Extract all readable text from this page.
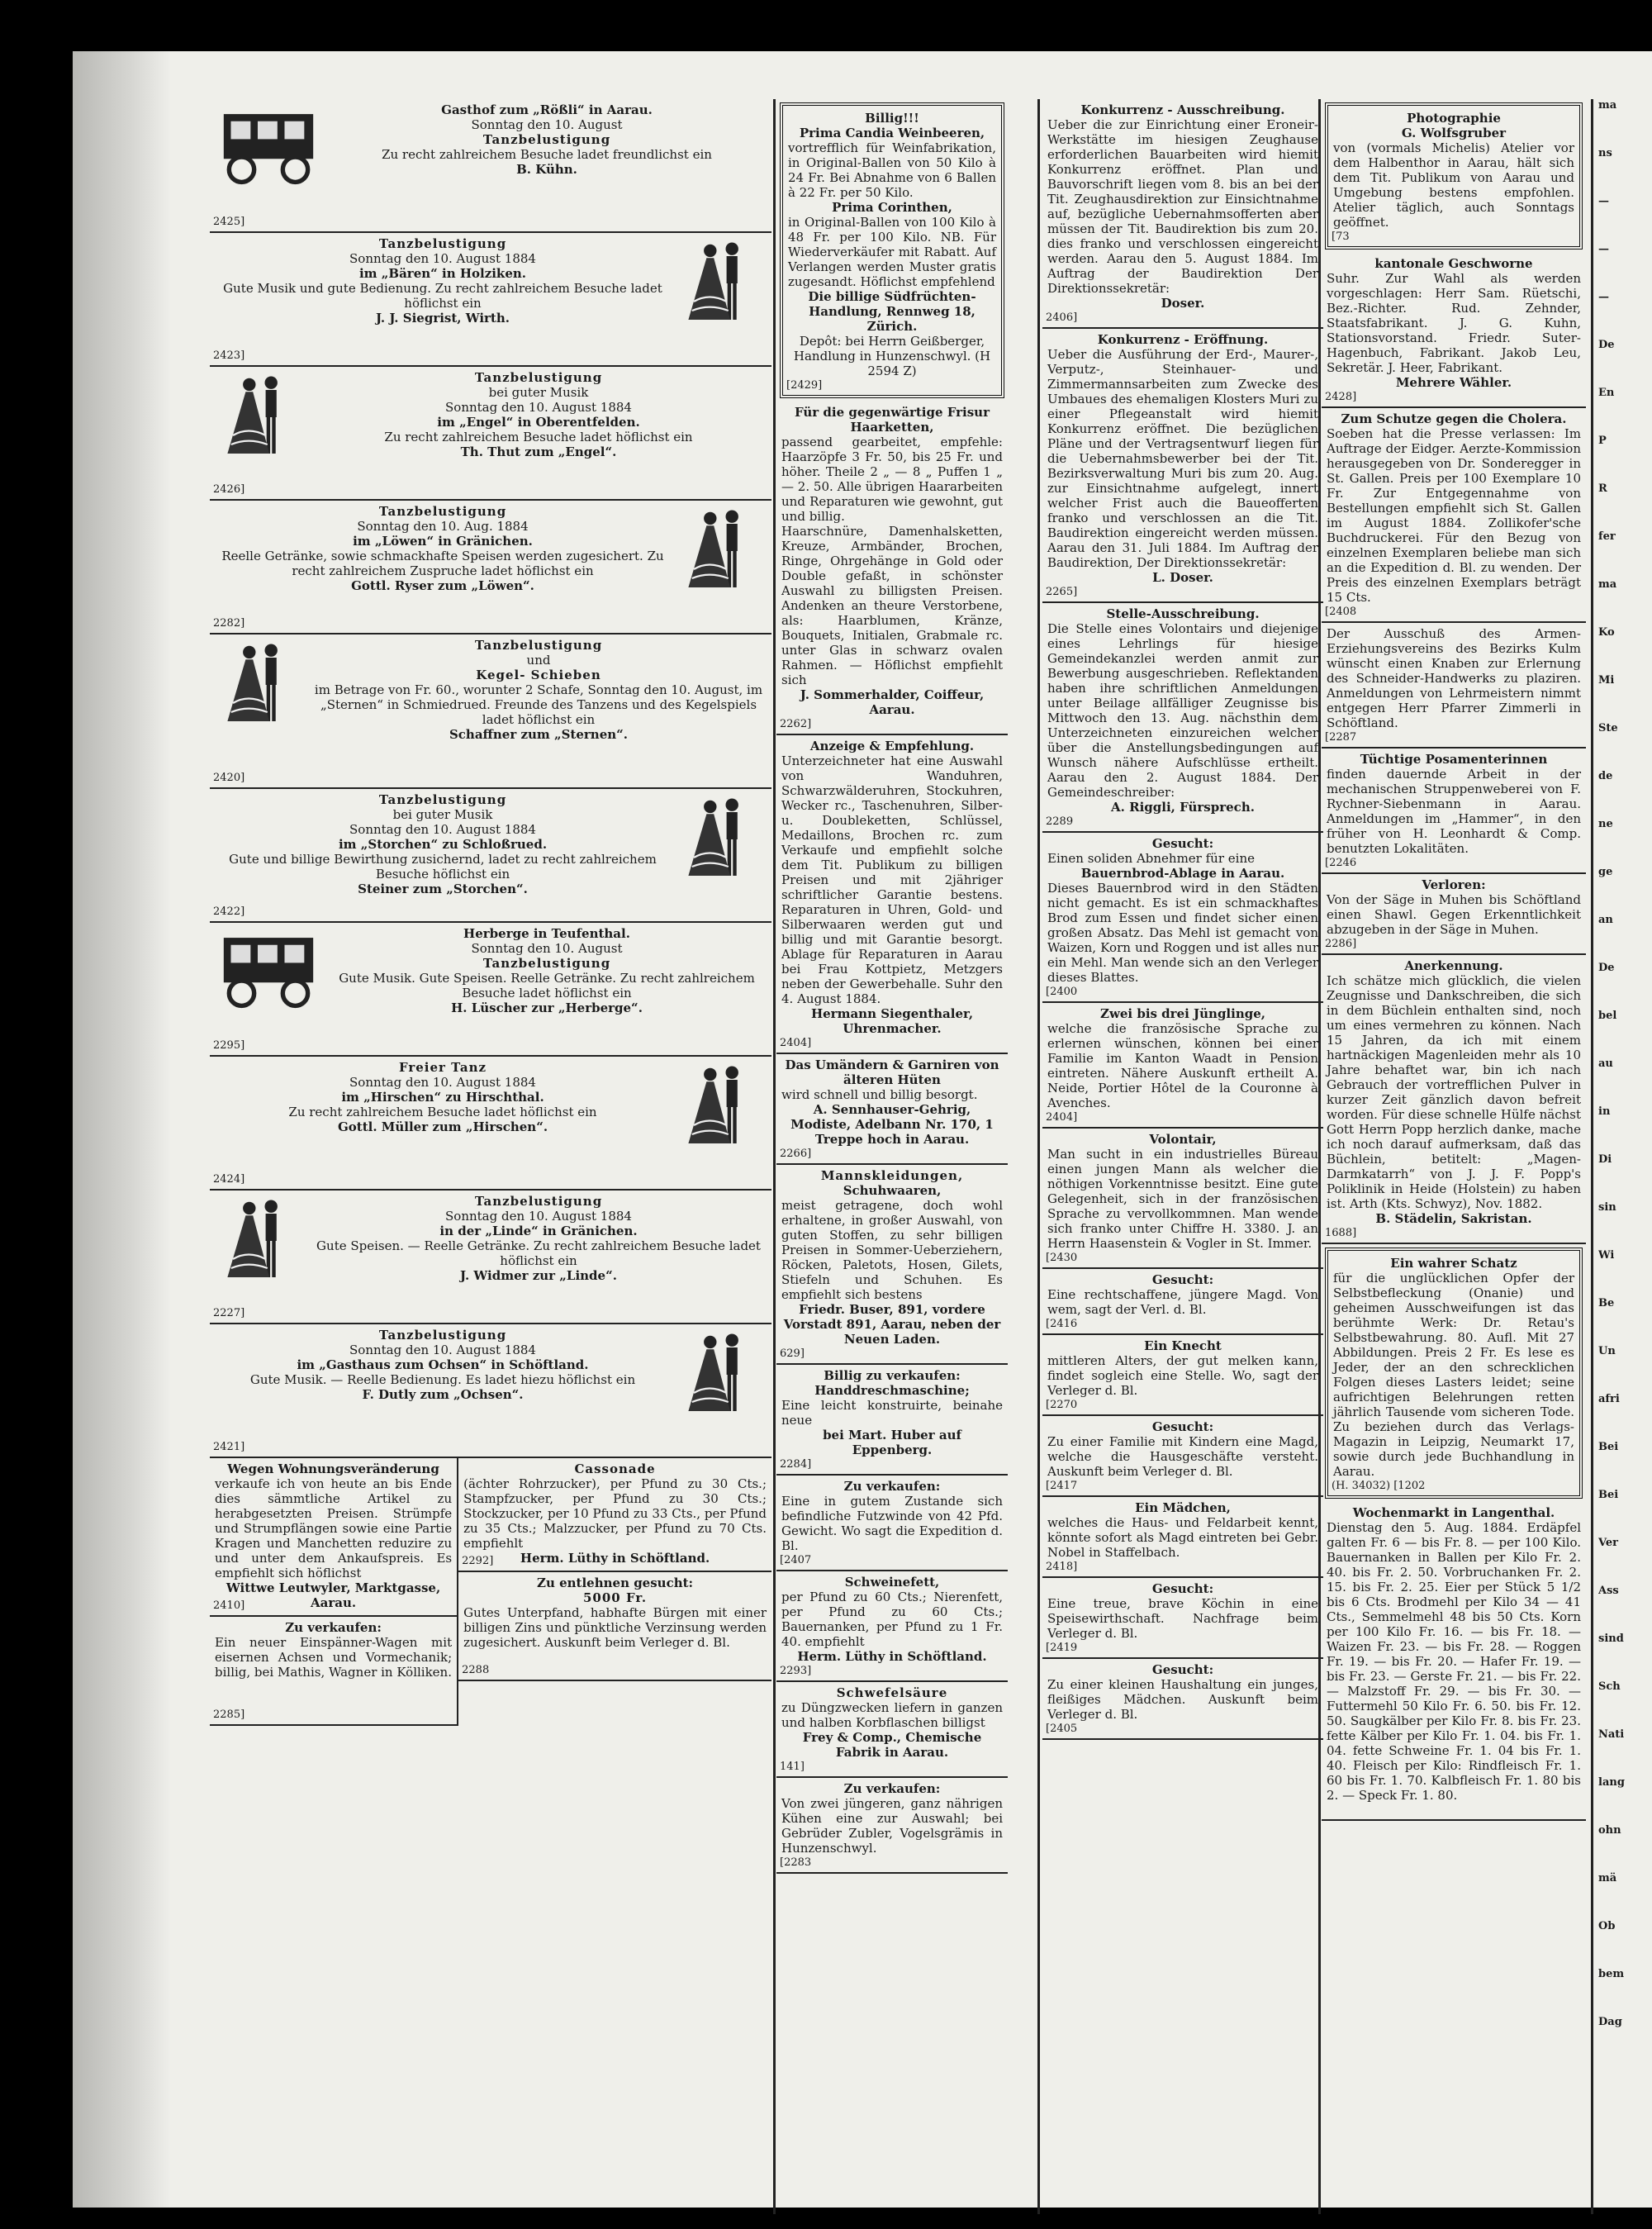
Gasthof zum „Rößli“ in Aarau.

Sonntag den 10. August

Tanzbelustigung

Zu recht zahlreichem Besuche ladet freundlichst ein

B. Kühn.

2425]

Tanzbelustigung

Sonntag den 10. August 1884

im „Bären“ in Holziken.

Gute Musik und gute Bedienung. Zu recht zahlreichem Besuche ladet höflichst ein

J. J. Siegrist, Wirth.

2423]

Tanzbelustigung

bei guter Musik

Sonntag den 10. August 1884

im „Engel“ in Oberentfelden.

Zu recht zahlreichem Besuche ladet höflichst ein

Th. Thut zum „Engel“.

2426]

Tanzbelustigung

Sonntag den 10. Aug. 1884

im „Löwen“ in Gränichen.

Reelle Getränke, sowie schmackhafte Speisen werden zugesichert. Zu recht zahlreichem Zuspruche ladet höflichst ein

Gottl. Ryser zum „Löwen“.

2282]

Tanzbelustigung

und

Kegel- Schieben

im Betrage von Fr. 60., worunter 2 Schafe, Sonntag den 10. August, im „Sternen“ in Schmiedrued. Freunde des Tanzens und des Kegelspiels ladet höflichst ein

Schaffner zum „Sternen“.

2420]

Tanzbelustigung

bei guter Musik

Sonntag den 10. August 1884

im „Storchen“ zu Schloßrued.

Gute und billige Bewirthung zusichernd, ladet zu recht zahlreichem Besuche höflichst ein

Steiner zum „Storchen“.

2422]

Herberge in Teufenthal.

Sonntag den 10. August

Tanzbelustigung

Gute Musik. Gute Speisen. Reelle Getränke. Zu recht zahlreichem Besuche ladet höflichst ein

H. Lüscher zur „Herberge“.

2295]

Freier Tanz

Sonntag den 10. August 1884

im „Hirschen“ zu Hirschthal.

Zu recht zahlreichem Besuche ladet höflichst ein

Gottl. Müller zum „Hirschen“.

2424]

Tanzbelustigung

Sonntag den 10. August 1884

in der „Linde“ in Gränichen.

Gute Speisen. — Reelle Getränke. Zu recht zahlreichem Besuche ladet höflichst ein

J. Widmer zur „Linde“.

2227]

Tanzbelustigung

Sonntag den 10. August 1884

im „Gasthaus zum Ochsen“ in Schöftland.

Gute Musik. — Reelle Bedienung. Es ladet hiezu höflichst ein

F. Dutly zum „Ochsen“.

2421]

Wegen Wohnungsveränderung

verkaufe ich von heute an bis Ende dies sämmtliche Artikel zu herabgesetzten Preisen. Strümpfe und Strumpflängen sowie eine Partie Kragen und Manchetten reduzire zu und unter dem Ankaufspreis. Es empfiehlt sich höflichst

Wittwe Leutwyler, Marktgasse, Aarau.

2410]

Zu verkaufen:

Ein neuer Einspänner-Wagen mit eisernen Achsen und Vormechanik; billig, bei Mathis, Wagner in Kölliken.

2285]

Cassonade

(ächter Rohrzucker), per Pfund zu 30 Cts.; Stampfzucker, per Pfund zu 30 Cts.; Stockzucker, per 10 Pfund zu 33 Cts., per Pfund zu 35 Cts.; Malzzucker, per Pfund zu 70 Cts. empfiehlt

Herm. Lüthy in Schöftland.

2292]

Zu entlehnen gesucht:

5000 Fr.

Gutes Unterpfand, habhafte Bürgen mit einer billigen Zins und pünktliche Verzinsung werden zugesichert. Auskunft beim Verleger d. Bl.

2288

Billig!!!

Prima Candia Weinbeeren,

vortrefflich für Weinfabrikation, in Original-Ballen von 50 Kilo à 24 Fr. Bei Abnahme von 6 Ballen à 22 Fr. per 50 Kilo.

Prima Corinthen,

in Original-Ballen von 100 Kilo à 48 Fr. per 100 Kilo. NB. Für Wiederverkäufer mit Rabatt. Auf Verlangen werden Muster gratis zugesandt. Höflichst empfehlend

Die billige Südfrüchten-Handlung, Rennweg 18, Zürich.

Depôt: bei Herrn Geißberger, Handlung in Hunzenschwyl. (H 2594 Z)

[2429]

Für die gegenwärtige Frisur

Haarketten,

passend gearbeitet, empfehle: Haarzöpfe 3 Fr. 50, bis 25 Fr. und höher. Theile 2 „ — 8 „ Puffen 1 „ — 2. 50. Alle übrigen Haararbeiten und Reparaturen wie gewohnt, gut und billig.

Haarschnüre, Damenhalsketten, Kreuze, Armbänder, Brochen, Ringe, Ohrgehänge in Gold oder Double gefaßt, in schönster Auswahl zu billigsten Preisen. Andenken an theure Verstorbene, als: Haarblumen, Kränze, Bouquets, Initialen, Grabmale rc. unter Glas in schwarz ovalen Rahmen. — Höflichst empfiehlt sich

J. Sommerhalder, Coiffeur, Aarau.

2262]

Anzeige & Empfehlung.

Unterzeichneter hat eine Auswahl von Wanduhren, Schwarzwälderuhren, Stockuhren, Wecker rc., Taschenuhren, Silber- u. Doubleketten, Schlüssel, Medaillons, Brochen rc. zum Verkaufe und empfiehlt solche dem Tit. Publikum zu billigen Preisen und mit 2jähriger schriftlicher Garantie bestens. Reparaturen in Uhren, Gold- und Silberwaaren werden gut und billig und mit Garantie besorgt. Ablage für Reparaturen in Aarau bei Frau Kottpietz, Metzgers neben der Gewerbehalle. Suhr den 4. August 1884.

Hermann Siegenthaler, Uhrenmacher.

2404]

Das Umändern & Garniren von älteren Hüten

wird schnell und billig besorgt.

A. Sennhauser-Gehrig, Modiste, Adelbann Nr. 170, 1 Treppe hoch in Aarau.

2266]

Mannskleidungen,

Schuhwaaren,

meist getragene, doch wohl erhaltene, in großer Auswahl, von guten Stoffen, zu sehr billigen Preisen in Sommer-Ueberziehern, Röcken, Paletots, Hosen, Gilets, Stiefeln und Schuhen. Es empfiehlt sich bestens

Friedr. Buser, 891, vordere Vorstadt 891, Aarau, neben der Neuen Laden.

629]

Billig zu verkaufen:

Handdreschmaschine;

Eine leicht konstruirte, beinahe neue

bei Mart. Huber auf Eppenberg.

2284]

Zu verkaufen:

Eine in gutem Zustande sich befindliche Futzwinde von 42 Pfd. Gewicht. Wo sagt die Expedition d. Bl.

[2407

Schweinefett,

per Pfund zu 60 Cts.; Nierenfett, per Pfund zu 60 Cts.; Bauernanken, per Pfund zu 1 Fr. 40. empfiehlt

Herm. Lüthy in Schöftland.

2293]

Schwefelsäure

zu Düngzwecken liefern in ganzen und halben Korbflaschen billigst

Frey & Comp., Chemische Fabrik in Aarau.

141]

Zu verkaufen:

Von zwei jüngeren, ganz nährigen Kühen eine zur Auswahl; bei Gebrüder Zubler, Vogelsgrämis in Hunzenschwyl.

[2283

Konkurrenz - Ausschreibung.

Ueber die zur Einrichtung einer Eroneir-Werkstätte im hiesigen Zeughause erforderlichen Bauarbeiten wird hiemit Konkurrenz eröffnet. Plan und Bauvorschrift liegen vom 8. bis an bei der Tit. Zeughausdirektion zur Einsichtnahme auf, bezügliche Uebernahmsofferten aber müssen der Tit. Baudirektion bis zum 20. dies franko und verschlossen eingereicht werden. Aarau den 5. August 1884. Im Auftrag der Baudirektion Der Direktionssekretär:

Doser.

2406]

Konkurrenz - Eröffnung.

Ueber die Ausführung der Erd-, Maurer-, Verputz-, Steinhauer- und Zimmermannsarbeiten zum Zwecke des Umbaues des ehemaligen Klosters Muri zu einer Pflegeanstalt wird hiemit Konkurrenz eröffnet. Die bezüglichen Pläne und der Vertragsentwurf liegen für die Uebernahmsbewerber bei der Tit. Bezirksverwaltung Muri bis zum 20. Aug. zur Einsichtnahme aufgelegt, innert welcher Frist auch die Baueofferten franko und verschlossen an die Tit. Baudirektion eingereicht werden müssen. Aarau den 31. Juli 1884. Im Auftrag der Baudirektion, Der Direktionssekretär:

L. Doser.

2265]

Stelle-Ausschreibung.

Die Stelle eines Volontairs und diejenige eines Lehrlings für hiesige Gemeindekanzlei werden anmit zur Bewerbung ausgeschrieben. Reflektanden haben ihre schriftlichen Anmeldungen unter Beilage allfälliger Zeugnisse bis Mittwoch den 13. Aug. nächsthin dem Unterzeichneten einzureichen welcher über die Anstellungsbedingungen auf Wunsch nähere Aufschlüsse ertheilt. Aarau den 2. August 1884. Der Gemeindeschreiber:

A. Riggli, Fürsprech.

2289

Gesucht:

Einen soliden Abnehmer für eine

Bauernbrod-Ablage in Aarau.

Dieses Bauernbrod wird in den Städten nicht gemacht. Es ist ein schmackhaftes Brod zum Essen und findet sicher einen großen Absatz. Das Mehl ist gemacht von Waizen, Korn und Roggen und ist alles nur ein Mehl. Man wende sich an den Verleger dieses Blattes.

[2400

Zwei bis drei Jünglinge,

welche die französische Sprache zu erlernen wünschen, können bei einer Familie im Kanton Waadt in Pension eintreten. Nähere Auskunft ertheilt A. Neide, Portier Hôtel de la Couronne à Avenches.

2404]

Volontair,

Man sucht in ein industrielles Büreau einen jungen Mann als welcher die nöthigen Vorkenntnisse besitzt. Eine gute Gelegenheit, sich in der französischen Sprache zu vervollkommnen. Man wende sich franko unter Chiffre H. 3380. J. an Herrn Haasenstein & Vogler in St. Immer.

[2430

Gesucht:

Eine rechtschaffene, jüngere Magd. Von wem, sagt der Verl. d. Bl.

[2416

Ein Knecht

mittleren Alters, der gut melken kann, findet sogleich eine Stelle. Wo, sagt der Verleger d. Bl.

[2270

Gesucht:

Zu einer Familie mit Kindern eine Magd, welche die Hausgeschäfte versteht. Auskunft beim Verleger d. Bl.

[2417

Ein Mädchen,

welches die Haus- und Feldarbeit kennt, könnte sofort als Magd eintreten bei Gebr. Nobel in Staffelbach.

2418]

Gesucht:

Eine treue, brave Köchin in eine Speisewirthschaft. Nachfrage beim Verleger d. Bl.

[2419

Gesucht:

Zu einer kleinen Haushaltung ein junges, fleißiges Mädchen. Auskunft beim Verleger d. Bl.

[2405

Photographie

G. Wolfsgruber

von (vormals Michelis) Atelier vor dem Halbenthor in Aarau, hält sich dem Tit. Publikum von Aarau und Umgebung bestens empfohlen. Atelier täglich, auch Sonntags geöffnet.

[73

kantonale Geschworne

Suhr. Zur Wahl als werden vorgeschlagen: Herr Sam. Rüetschi, Bez.-Richter. Rud. Zehnder, Staatsfabrikant. J. G. Kuhn, Stationsvorstand. Friedr. Suter-Hagenbuch, Fabrikant. Jakob Leu, Sekretär. J. Heer, Fabrikant.

Mehrere Wähler.

2428]

Zum Schutze gegen die Cholera.

Soeben hat die Presse verlassen: Im Auftrage der Eidger. Aerzte-Kommission herausgegeben von Dr. Sonderegger in St. Gallen. Preis per 100 Exemplare 10 Fr. Zur Entgegennahme von Bestellungen empfiehlt sich St. Gallen im August 1884. Zollikofer'sche Buchdruckerei. Für den Bezug von einzelnen Exemplaren beliebe man sich an die Expedition d. Bl. zu wenden. Der Preis des einzelnen Exemplars beträgt 15 Cts.

[2408

Der Ausschuß des Armen-Erziehungsvereins des Bezirks Kulm wünscht einen Knaben zur Erlernung des Schneider-Handwerks zu plaziren. Anmeldungen von Lehrmeistern nimmt entgegen Herr Pfarrer Zimmerli in Schöftland.

[2287

Tüchtige Posamenterinnen

finden dauernde Arbeit in der mechanischen Struppenweberei von F. Rychner-Siebenmann in Aarau. Anmeldungen im „Hammer“, in den früher von H. Leonhardt & Comp. benutzten Lokalitäten.

[2246

Verloren:

Von der Säge in Muhen bis Schöftland einen Shawl. Gegen Erkenntlichkeit abzugeben in der Säge in Muhen.

2286]

Anerkennung.

Ich schätze mich glücklich, die vielen Zeugnisse und Dankschreiben, die sich in dem Büchlein enthalten sind, noch um eines vermehren zu können. Nach 15 Jahren, da ich mit einem hartnäckigen Magenleiden mehr als 10 Jahre behaftet war, bin ich nach Gebrauch der vortrefflichen Pulver in kurzer Zeit gänzlich davon befreit worden. Für diese schnelle Hülfe nächst Gott Herrn Popp herzlich danke, mache ich noch darauf aufmerksam, daß das Büchlein, betitelt: „Magen-Darmkatarrh“ von J. J. F. Popp's Poliklinik in Heide (Holstein) zu haben ist. Arth (Kts. Schwyz), Nov. 1882.

B. Städelin, Sakristan.

1688]

Ein wahrer Schatz

für die unglücklichen Opfer der Selbstbefleckung (Onanie) und geheimen Ausschweifungen ist das berühmte Werk: Dr. Retau's Selbstbewahrung. 80. Aufl. Mit 27 Abbildungen. Preis 2 Fr. Es lese es Jeder, der an den schrecklichen Folgen dieses Lasters leidet; seine aufrichtigen Belehrungen retten jährlich Tausende vom sicheren Tode. Zu beziehen durch das Verlags-Magazin in Leipzig, Neumarkt 17, sowie durch jede Buchhandlung in Aarau.

(H. 34032) [1202

Wochenmarkt in Langenthal.

Dienstag den 5. Aug. 1884. Erdäpfel galten Fr. 6 — bis Fr. 8. — per 100 Kilo. Bauernanken in Ballen per Kilo Fr. 2. 40. bis Fr. 2. 50. Vorbruchanken Fr. 2. 15. bis Fr. 2. 25. Eier per Stück 5 1/2 bis 6 Cts. Brodmehl per Kilo 34 — 41 Cts., Semmelmehl 48 bis 50 Cts. Korn per 100 Kilo Fr. 16. — bis Fr. 18. — Waizen Fr. 23. — bis Fr. 28. — Roggen Fr. 19. — bis Fr. 20. — Hafer Fr. 19. — bis Fr. 23. — Gerste Fr. 21. — bis Fr. 22. — Malzstoff Fr. 29. — bis Fr. 30. — Futtermehl 50 Kilo Fr. 6. 50. bis Fr. 12. 50. Saugkälber per Kilo Fr. 8. bis Fr. 23. fette Kälber per Kilo Fr. 1. 04. bis Fr. 1. 04. fette Schweine Fr. 1. 04 bis Fr. 1. 40. Fleisch per Kilo: Rindfleisch Fr. 1. 60 bis Fr. 1. 70. Kalbfleisch Fr. 1. 80 bis 2. — Speck Fr. 1. 80.

ma

ns

—

—

—

De

En

P

R

fer

ma

Ko

Mi

Ste

de

ne

ge

an

De

bel

au

in

Di

sin

Wi

Be

Un

afri

Bei

Bei

Ver

Ass

sind

Sch

Nati

lang

ohn

mä

Ob

bem

Dag
